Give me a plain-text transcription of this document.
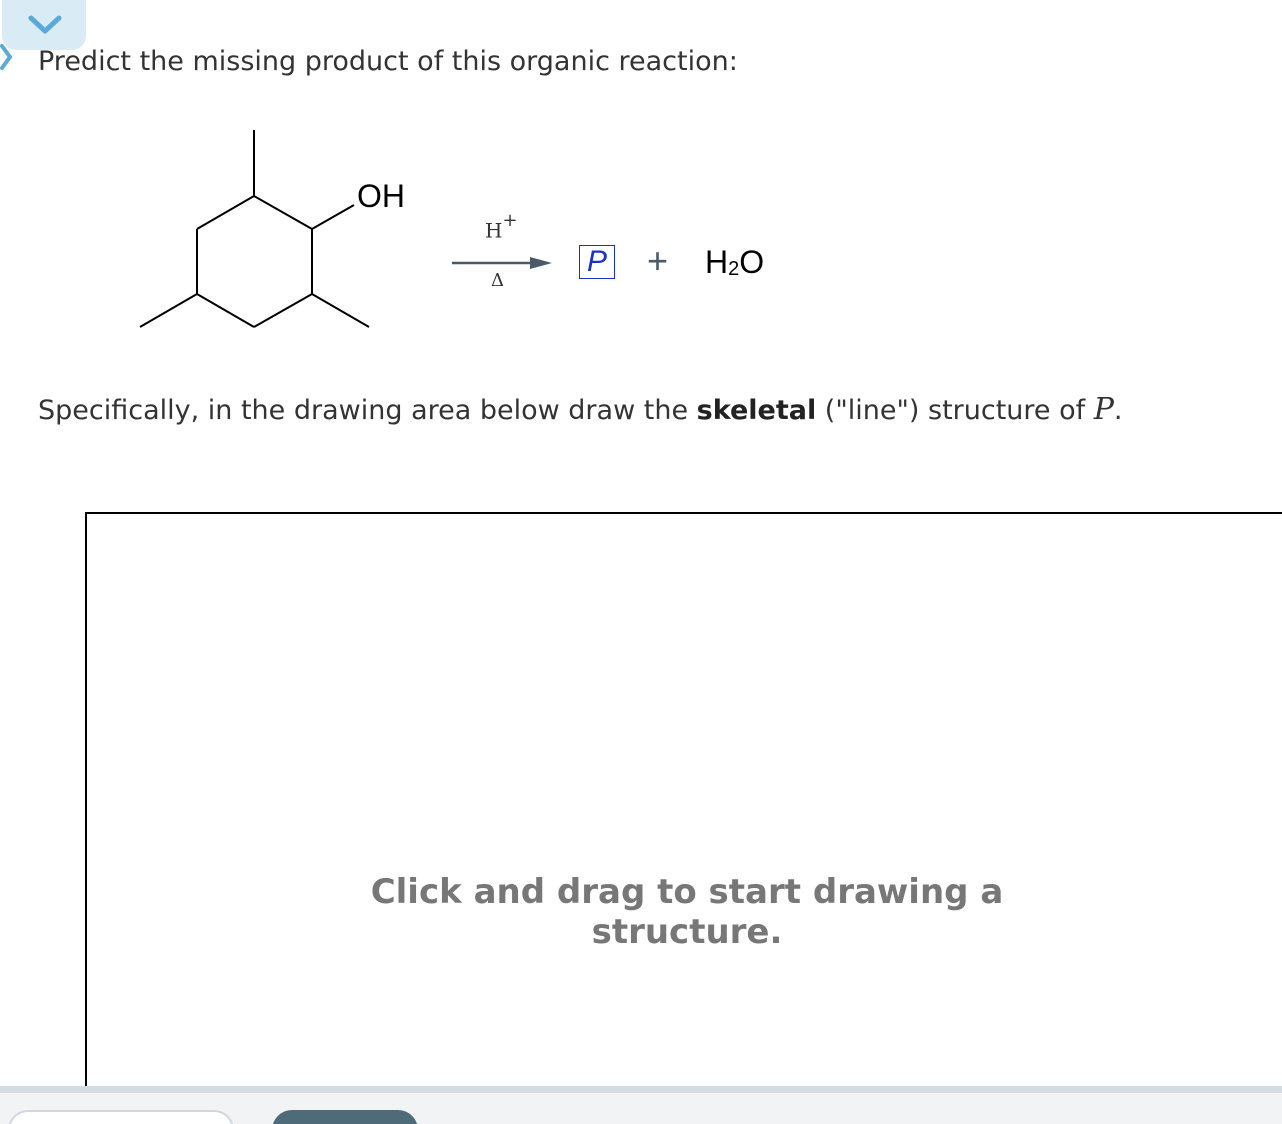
Predict the missing product of this organic reaction:
OH
H+
Δ
$P + H_2O$
Specifically, in the drawing area below draw the skeletal ("line") structure of P.
Click and drag to start drawing a structure.
